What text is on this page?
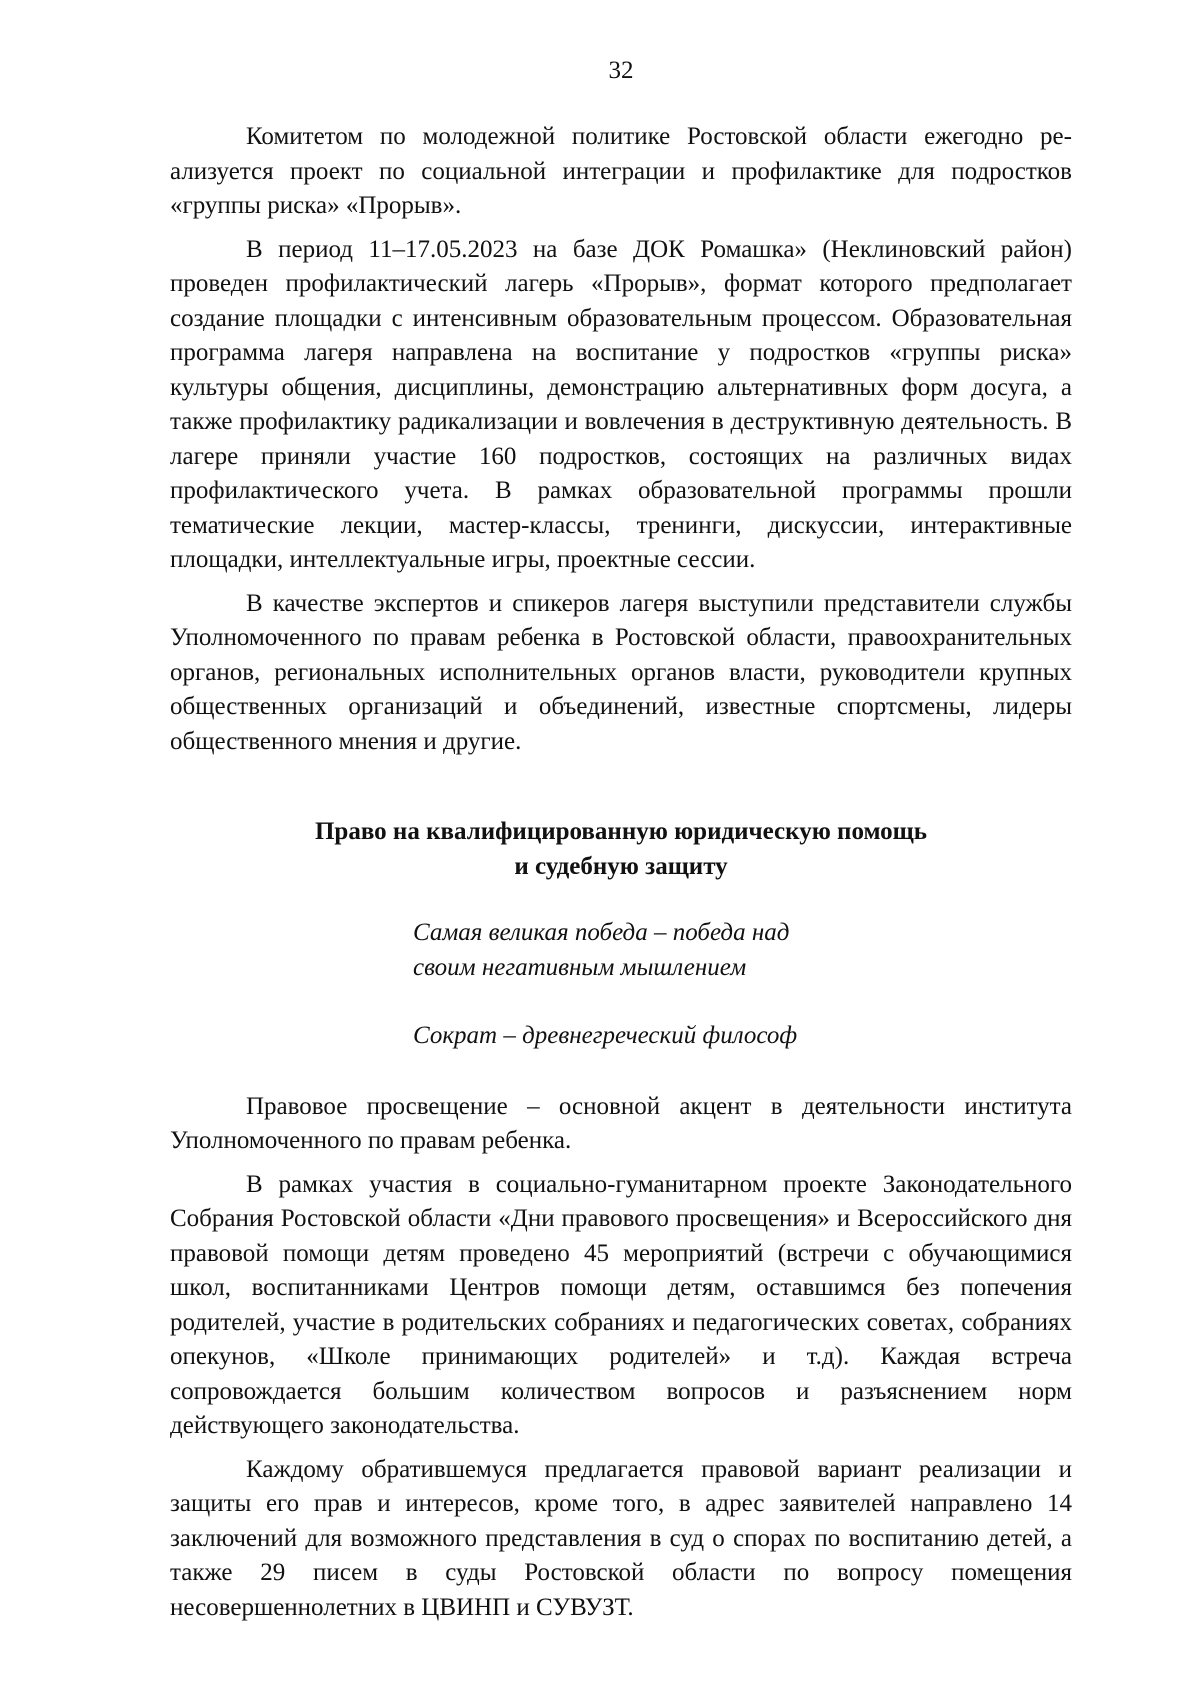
32

Комитетом по молодежной политике Ростовской области ежегодно реализуется проект по социальной интеграции и профилактике для подростков «группы риска» «Прорыв».

В период 11–17.05.2023 на базе ДОК Ромашка» (Неклиновский район) проведен профилактический лагерь «Прорыв», формат которого предполагает создание площадки с интенсивным образовательным процессом. Образовательная программа лагеря направлена на воспитание у подростков «группы риска» культуры общения, дисциплины, демонстрацию альтернативных форм досуга, а также профилактику радикализации и вовлечения в деструктивную деятельность. В лагере приняли участие 160 подростков, состоящих на различных видах профилактического учета. В рамках образовательной программы прошли тематические лекции, мастер-классы, тренинги, дискуссии, интерактивные площадки, интеллектуальные игры, проектные сессии.

В качестве экспертов и спикеров лагеря выступили представители службы Уполномоченного по правам ребенка в Ростовской области, правоохранительных органов, региональных исполнительных органов власти, руководители крупных общественных организаций и объединений, известные спортсмены, лидеры общественного мнения и другие.

Право на квалифицированную юридическую помощь
и судебную защиту
Самая великая победа – победа над
своим негативным мышлением
Сократ – древнегреческий философ

Правовое просвещение – основной акцент в деятельности института Уполномоченного по правам ребенка.

В рамках участия в социально-гуманитарном проекте Законодательного Собрания Ростовской области «Дни правового просвещения» и Всероссийского дня правовой помощи детям проведено 45 мероприятий (встречи с обучающимися школ, воспитанниками Центров помощи детям, оставшимся без попечения родителей, участие в родительских собраниях и педагогических советах, собраниях опекунов, «Школе принимающих родителей» и т.д). Каждая встреча сопровождается большим количеством вопросов и разъяснением норм действующего законодательства.

Каждому обратившемуся предлагается правовой вариант реализации и защиты его прав и интересов, кроме того, в адрес заявителей направлено 14 заключений для возможного представления в суд о спорах по воспитанию детей, а также 29 писем в суды Ростовской области по вопросу помещения несовершеннолетних в ЦВИНП и СУВУЗТ.
